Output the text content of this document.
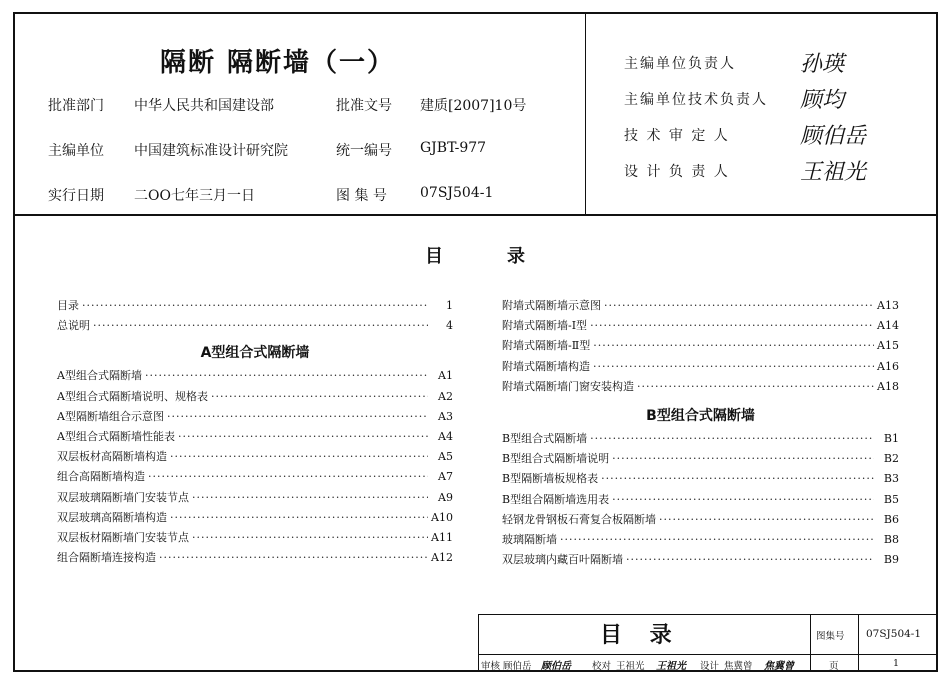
隔断 隔断墙（一）
批准部门 中华人民共和国建设部	批准文号 建质[2007]10号
主编单位 中国建筑标准设计研究院	统一编号 GJBT-977
实行日期 二OO七年三月一日	图 集 号 07SJ504-1
主编单位负责人	孙瑛
主编单位技术负责人 顾均
技 术 审 定 人	顾伯岳
设 计 负 责 人	王祖光
目	录
目录 ·····	1
总说明 ·····	4
A型组合式隔断墙
A型组合式隔断墙 ·····	A1
A型组合式隔断墙说明、规格表 ·····	A2
A型隔断墙组合示意图 ·····	A3
A型组合式隔断墙性能表 ·····	A4
双层板材高隔断墙构造 ·····	A5
组合高隔断墙构造 ·····	A7
双层玻璃隔断墙门安装节点 ·····	A9
双层玻璃高隔断墙构造 ·····	A10
双层板材隔断墙门安装节点 ·····	A11
组合隔断墙连接构造 ·····	A12
附墙式隔断墙示意图 ·····	A13
附墙式隔断墙-Ⅰ型 ·····	A14
附墙式隔断墙-Ⅱ型 ·····	A15
附墙式隔断墙构造 ·····	A16
附墙式隔断墙门窗安装构造 ·····	A18
B型组合式隔断墙
B型组合式隔断墙 ·····	B1
B型组合式隔断墙说明 ·····	B2
B型隔断墙板规格表 ·····	B3
B型组合隔断墙选用表 ·····	B5
轻钢龙骨钢板石膏复合板隔断墙 ·····	B6
玻璃隔断墙 ·····	B8
双层玻璃内藏百叶隔断墙 ·····	B9
目 录	图集号 07SJ504-1
页	1
审核 顾伯岳 顾伯岳 校对 王祖光 王祖光 设计 焦冀曾 焦冀曾
